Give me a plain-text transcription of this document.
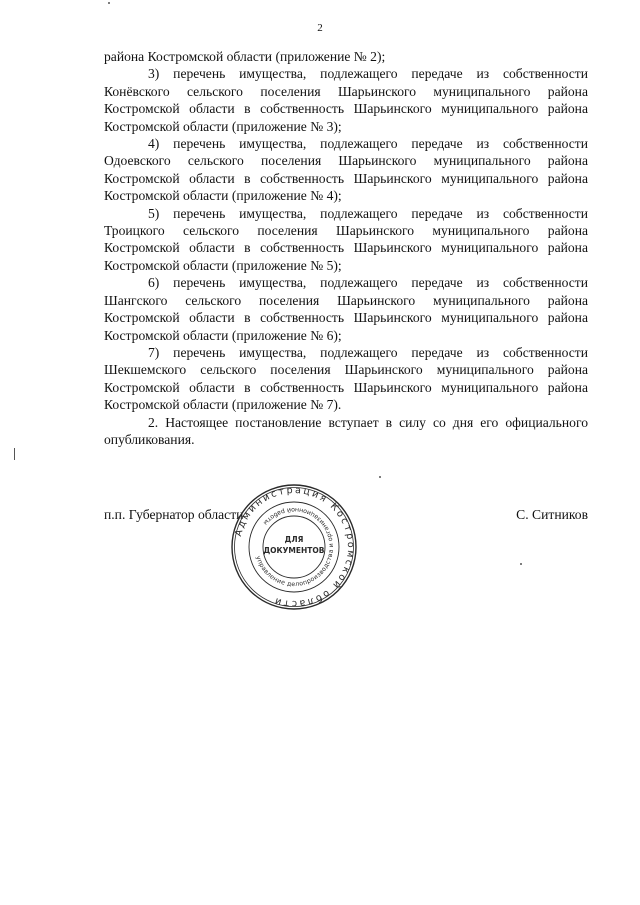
2

района Костромской области (приложение № 2);

3) перечень имущества, подлежащего передаче из собственности Конёвского сельского поселения Шарьинского муниципального района Костромской области в собственность Шарьинского муниципального района Костромской области (приложение № 3);

4) перечень имущества, подлежащего передаче из собственности Одоевского сельского поселения Шарьинского муниципального района Костромской области в собственность Шарьинского муниципального района Костромской области (приложение № 4);

5) перечень имущества, подлежащего передаче из собственности Троицкого сельского поселения Шарьинского муниципального района Костромской области в собственность Шарьинского муниципального района Костромской области (приложение № 5);

6) перечень имущества, подлежащего передаче из собственности Шангского сельского поселения Шарьинского муниципального района Костромской области в собственность Шарьинского муниципального района Костромской области (приложение № 6);

7) перечень имущества, подлежащего передаче из собственности Шекшемского сельского поселения Шарьинского муниципального района Костромской области в собственность Шарьинского муниципального района Костромской области (приложение № 7).

2. Настоящее постановление вступает в силу со дня его официального опубликования.

п.п. Губернатор области	С. Ситников
Администрация Костромской области
управление делопроизводства и организационной работы
ДЛЯ
ДОКУМЕНТОВ
